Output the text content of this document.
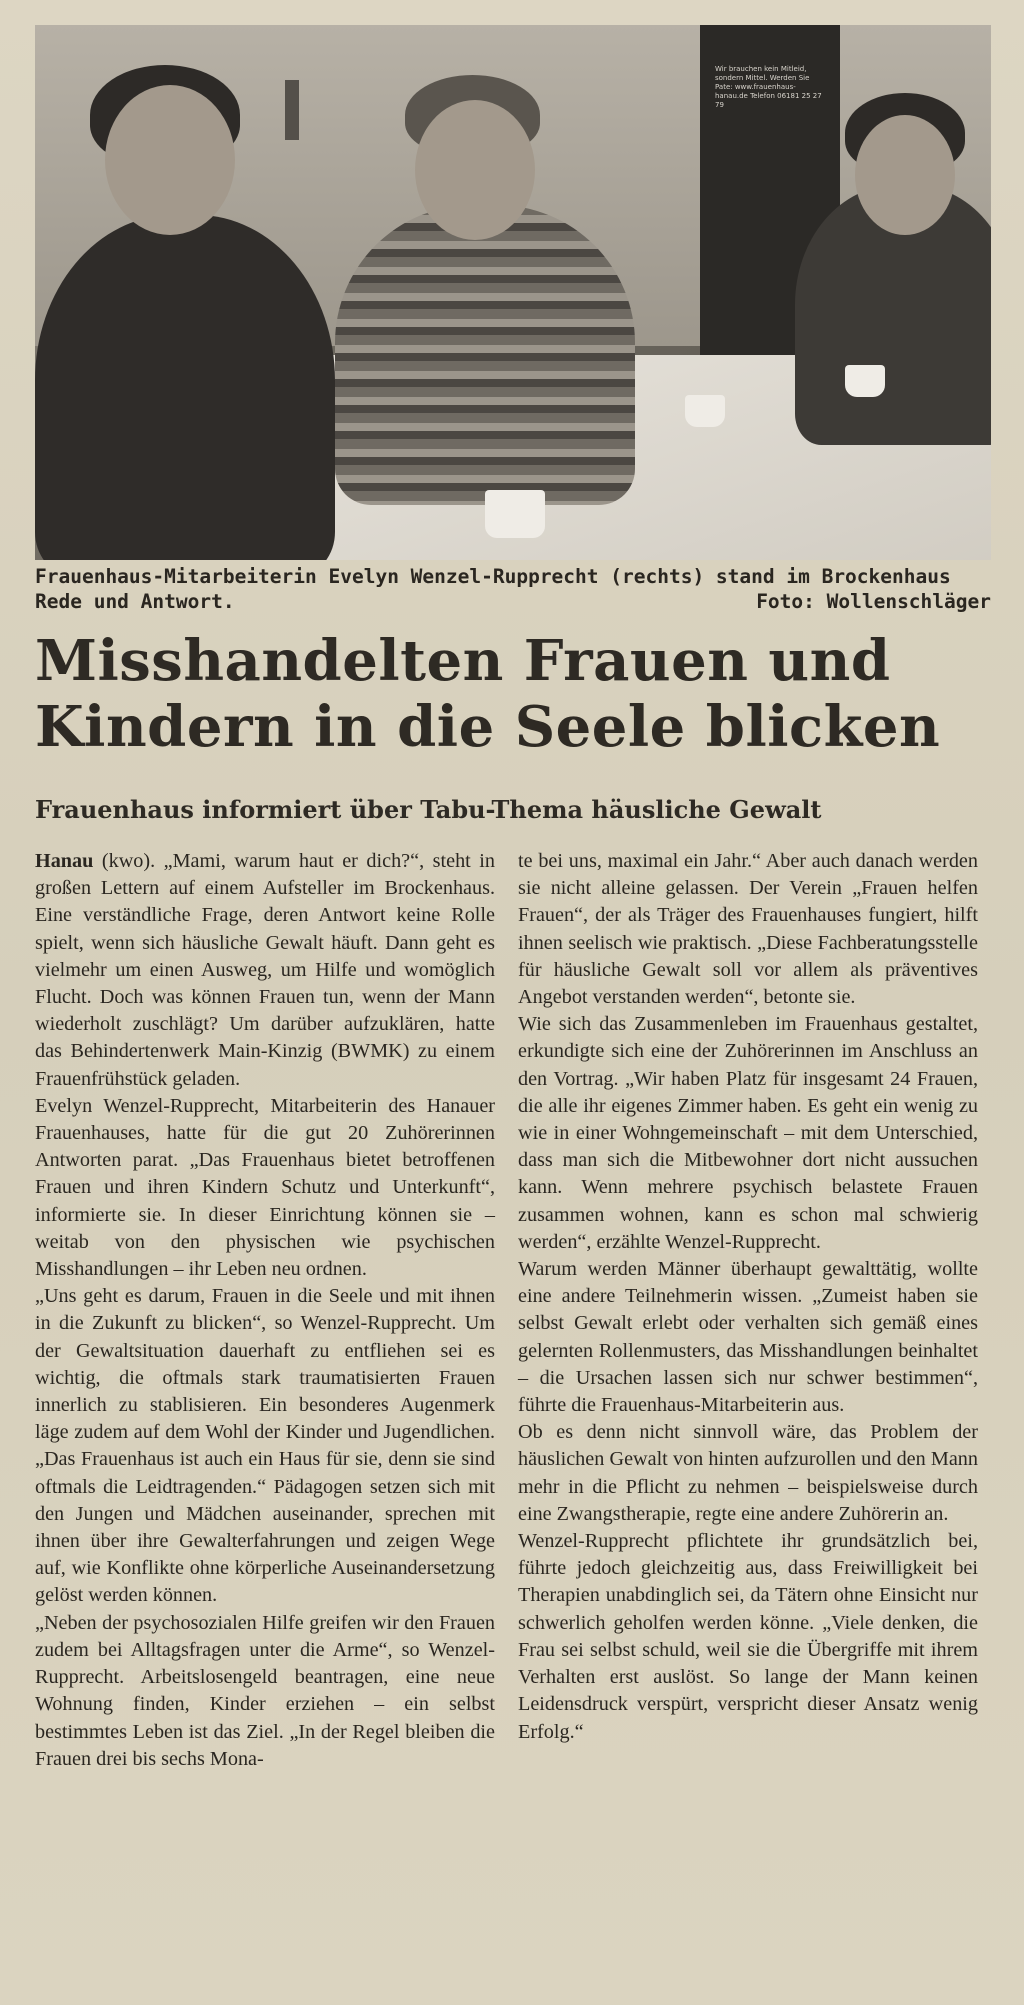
Wir brauchen kein Mitleid, sondern Mittel. Werden Sie Pate: www.frauenhaus-hanau.de Telefon 06181 25 27 79
Frauenhaus-Mitarbeiterin Evelyn Wenzel-Rupprecht (rechts) stand im Brockenhaus Rede und Antwort.	Foto: Wollenschläger
Misshandelten Frauen und Kindern in die Seele blicken
Frauenhaus informiert über Tabu-Thema häusliche Gewalt

Hanau (kwo). „Mami, warum haut er dich?“, steht in großen Lettern auf einem Aufsteller im Brockenhaus. Eine verständliche Frage, deren Antwort keine Rolle spielt, wenn sich häusliche Gewalt häuft. Dann geht es vielmehr um einen Ausweg, um Hilfe und womöglich Flucht. Doch was können Frauen tun, wenn der Mann wiederholt zuschlägt? Um darüber aufzuklären, hatte das Behindertenwerk Main-Kinzig (BWMK) zu einem Frauenfrühstück geladen.

Evelyn Wenzel-Rupprecht, Mitarbeiterin des Hanauer Frauenhauses, hatte für die gut 20 Zuhörerinnen Antworten parat. „Das Frauenhaus bietet betroffenen Frauen und ihren Kindern Schutz und Unterkunft“, informierte sie. In dieser Einrichtung können sie – weitab von den physischen wie psychischen Misshandlungen – ihr Leben neu ordnen.

„Uns geht es darum, Frauen in die Seele und mit ihnen in die Zukunft zu blicken“, so Wenzel-Rupprecht. Um der Gewaltsituation dauerhaft zu entfliehen sei es wichtig, die oftmals stark traumatisierten Frauen innerlich zu stablisieren. Ein besonderes Augenmerk läge zudem auf dem Wohl der Kinder und Jugendlichen. „Das Frauenhaus ist auch ein Haus für sie, denn sie sind oftmals die Leidtragenden.“ Pädagogen setzen sich mit den Jungen und Mädchen auseinander, sprechen mit ihnen über ihre Gewalterfahrungen und zeigen Wege auf, wie Konflikte ohne körperliche Auseinandersetzung gelöst werden können.

„Neben der psychosozialen Hilfe greifen wir den Frauen zudem bei Alltagsfragen unter die Arme“, so Wenzel-Rupprecht. Arbeitslosengeld beantragen, eine neue Wohnung finden, Kinder erziehen – ein selbst bestimmtes Leben ist das Ziel. „In der Regel bleiben die Frauen drei bis sechs Mona-

te bei uns, maximal ein Jahr.“ Aber auch danach werden sie nicht alleine gelassen. Der Verein „Frauen helfen Frauen“, der als Träger des Frauenhauses fungiert, hilft ihnen seelisch wie praktisch. „Diese Fachberatungsstelle für häusliche Gewalt soll vor allem als präventives Angebot verstanden werden“, betonte sie.

Wie sich das Zusammenleben im Frauenhaus gestaltet, erkundigte sich eine der Zuhörerinnen im Anschluss an den Vortrag. „Wir haben Platz für insgesamt 24 Frauen, die alle ihr eigenes Zimmer haben. Es geht ein wenig zu wie in einer Wohngemeinschaft – mit dem Unterschied, dass man sich die Mitbewohner dort nicht aussuchen kann. Wenn mehrere psychisch belastete Frauen zusammen wohnen, kann es schon mal schwierig werden“, erzählte Wenzel-Rupprecht.

Warum werden Männer überhaupt gewalttätig, wollte eine andere Teilnehmerin wissen. „Zumeist haben sie selbst Gewalt erlebt oder verhalten sich gemäß eines gelernten Rollenmusters, das Misshandlungen beinhaltet – die Ursachen lassen sich nur schwer bestimmen“, führte die Frauenhaus-Mitarbeiterin aus.

Ob es denn nicht sinnvoll wäre, das Problem der häuslichen Gewalt von hinten aufzurollen und den Mann mehr in die Pflicht zu nehmen – beispielsweise durch eine Zwangstherapie, regte eine andere Zuhörerin an.

Wenzel-Rupprecht pflichtete ihr grundsätzlich bei, führte jedoch gleichzeitig aus, dass Freiwilligkeit bei Therapien unabdinglich sei, da Tätern ohne Einsicht nur schwerlich geholfen werden könne. „Viele denken, die Frau sei selbst schuld, weil sie die Übergriffe mit ihrem Verhalten erst auslöst. So lange der Mann keinen Leidensdruck verspürt, verspricht dieser Ansatz wenig Erfolg.“
